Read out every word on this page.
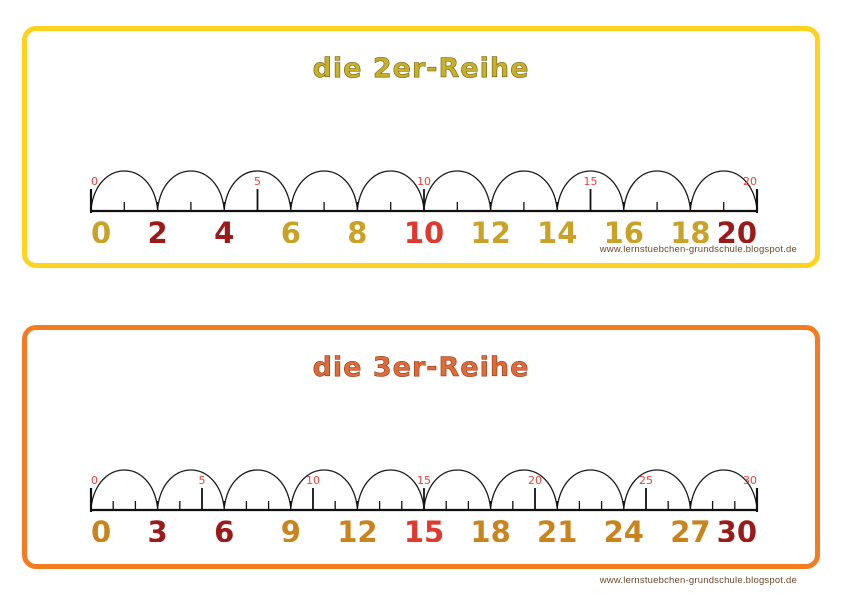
die 2er-Reihe
0	5	10	15	20
0 2 4 6 8 10 12 14 16 18 20
www.lernstuebchen-grundschule.blogspot.de
die 3er-Reihe
0	5	10	15	20	25	30
0 3 6 9 12 15 18 21 24 27 30
www.lernstuebchen-grundschule.blogspot.de
